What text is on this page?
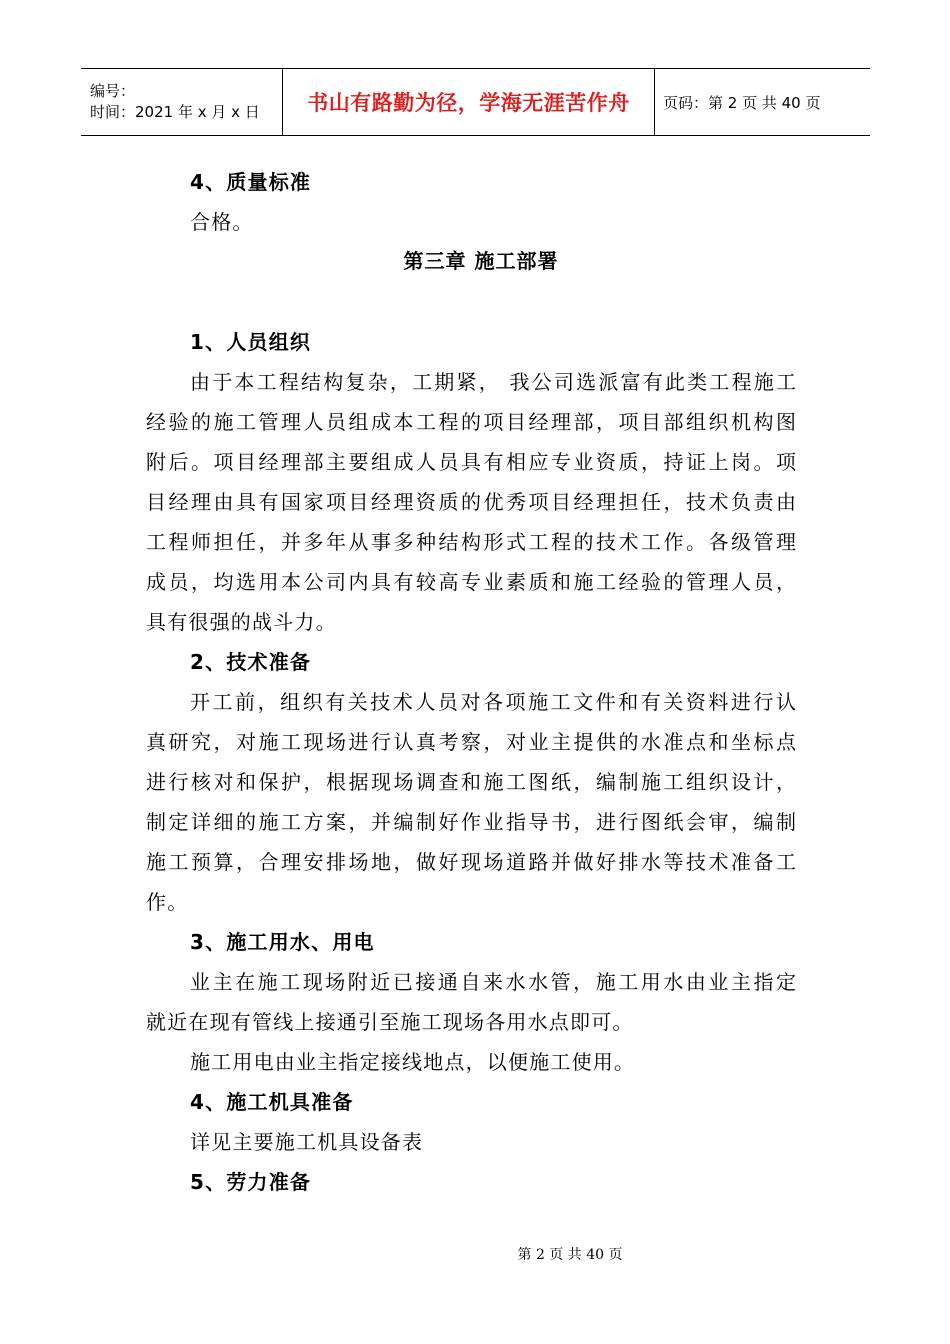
编号：
时间：2021 年 x 月 x 日 书山有路勤为径，学海无涯苦作舟 页码：第 2 页 共 40 页
4、质量标准
合格。
第三章 施工部署
1、人员组织
由于本工程结构复杂，工期紧， 我公司选派富有此类工程施工
经验的施工管理人员组成本工程的项目经理部，项目部组织机构图
附后。项目经理部主要组成人员具有相应专业资质，持证上岗。项
目经理由具有国家项目经理资质的优秀项目经理担任，技术负责由
工程师担任，并多年从事多种结构形式工程的技术工作。各级管理
成员，均选用本公司内具有较高专业素质和施工经验的管理人员，
具有很强的战斗力。
2、技术准备
开工前，组织有关技术人员对各项施工文件和有关资料进行认
真研究，对施工现场进行认真考察，对业主提供的水准点和坐标点
进行核对和保护，根据现场调查和施工图纸，编制施工组织设计，
制定详细的施工方案，并编制好作业指导书，进行图纸会审，编制
施工预算，合理安排场地，做好现场道路并做好排水等技术准备工
作。
3、施工用水、用电
业主在施工现场附近已接通自来水水管，施工用水由业主指定
就近在现有管线上接通引至施工现场各用水点即可。
施工用电由业主指定接线地点，以便施工使用。
4、施工机具准备
详见主要施工机具设备表
5、劳力准备
第 2 页 共 40 页
